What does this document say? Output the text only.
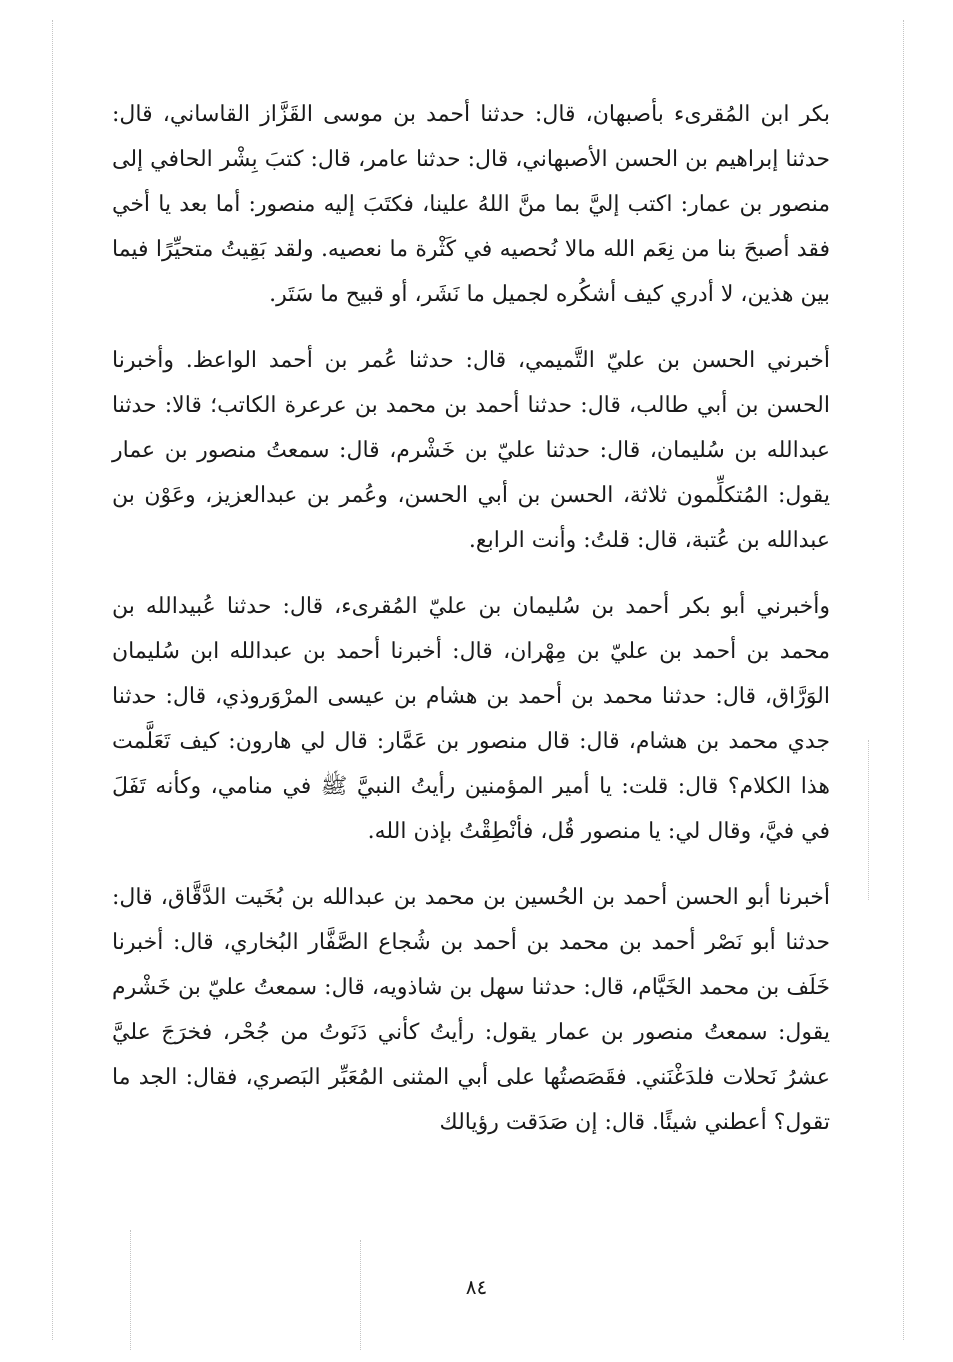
بكر ابن المُقرىء بأصبهان، قال: حدثنا أحمد بن موسى القَزَّاز القاساني، قال: حدثنا إبراهيم بن الحسن الأصبهاني، قال: حدثنا عامر، قال: كتبَ بِشْر الحافي إلى منصور بن عمار: اكتب إليَّ بما منَّ اللهُ علينا، فكتَبَ إليه منصور: أما بعد يا أخي فقد أصبحَ بنا من نِعَم الله مالا نُحصيه في كَثْرة ما نعصيه. ولقد بَقِيتُ متحيِّرًا فيما بين هذين، لا أدري كيف أشكُره لجميل ما نَشَر، أو قبيح ما سَتَر.

أخبرني الحسن بن عليّ التَّميمي، قال: حدثنا عُمر بن أحمد الواعظ. وأخبرنا الحسن بن أبي طالب، قال: حدثنا أحمد بن محمد بن عرعرة الكاتب؛ قالا: حدثنا عبدالله بن سُليمان، قال: حدثنا عليّ بن خَشْرم، قال: سمعتُ منصور بن عمار يقول: المُتكلِّمون ثلاثة، الحسن بن أبي الحسن، وعُمر بن عبدالعزيز، وعَوْن بن عبدالله بن عُتبة، قال: قلتُ: وأنت الرابع.

وأخبرني أبو بكر أحمد بن سُليمان بن عليّ المُقرىء، قال: حدثنا عُبيدالله بن محمد بن أحمد بن عليّ بن مِهْران، قال: أخبرنا أحمد بن عبدالله ابن سُليمان الوَرَّاق، قال: حدثنا محمد بن أحمد بن هشام بن عيسى المرْوَروذي، قال: حدثنا جدي محمد بن هشام، قال: قال منصور بن عَمَّار: قال لي هارون: كيف تَعَلَّمت هذا الكلام؟ قال: قلت: يا أمير المؤمنين رأيتُ النبيَّ ﷺ في منامي، وكأنه تَفَلَ في فيَّ، وقال لي: يا منصور قُل، فأنْطِقْتُ بإذن الله.

أخبرنا أبو الحسن أحمد بن الحُسين بن محمد بن عبدالله بن بُخَيت الدَّقَّاق، قال: حدثنا أبو نَصْر أحمد بن محمد بن أحمد بن شُجاع الصَّفَّار البُخاري، قال: أخبرنا خَلَف بن محمد الخَيَّام، قال: حدثنا سهل بن شاذويه، قال: سمعتُ عليّ بن خَشْرم يقول: سمعتُ منصور بن عمار يقول: رأيتُ كأني دَنَوتُ من جُحْر، فخرَجَ عليَّ عشرُ نَحلات فلدَغْنَني. فقَصَصتُها على أبي المثنى المُعَبِّر البَصري، فقال: الجد ما تقول؟ أعطني شيئًا. قال: إن صَدَقت رؤيالك

٨٤
